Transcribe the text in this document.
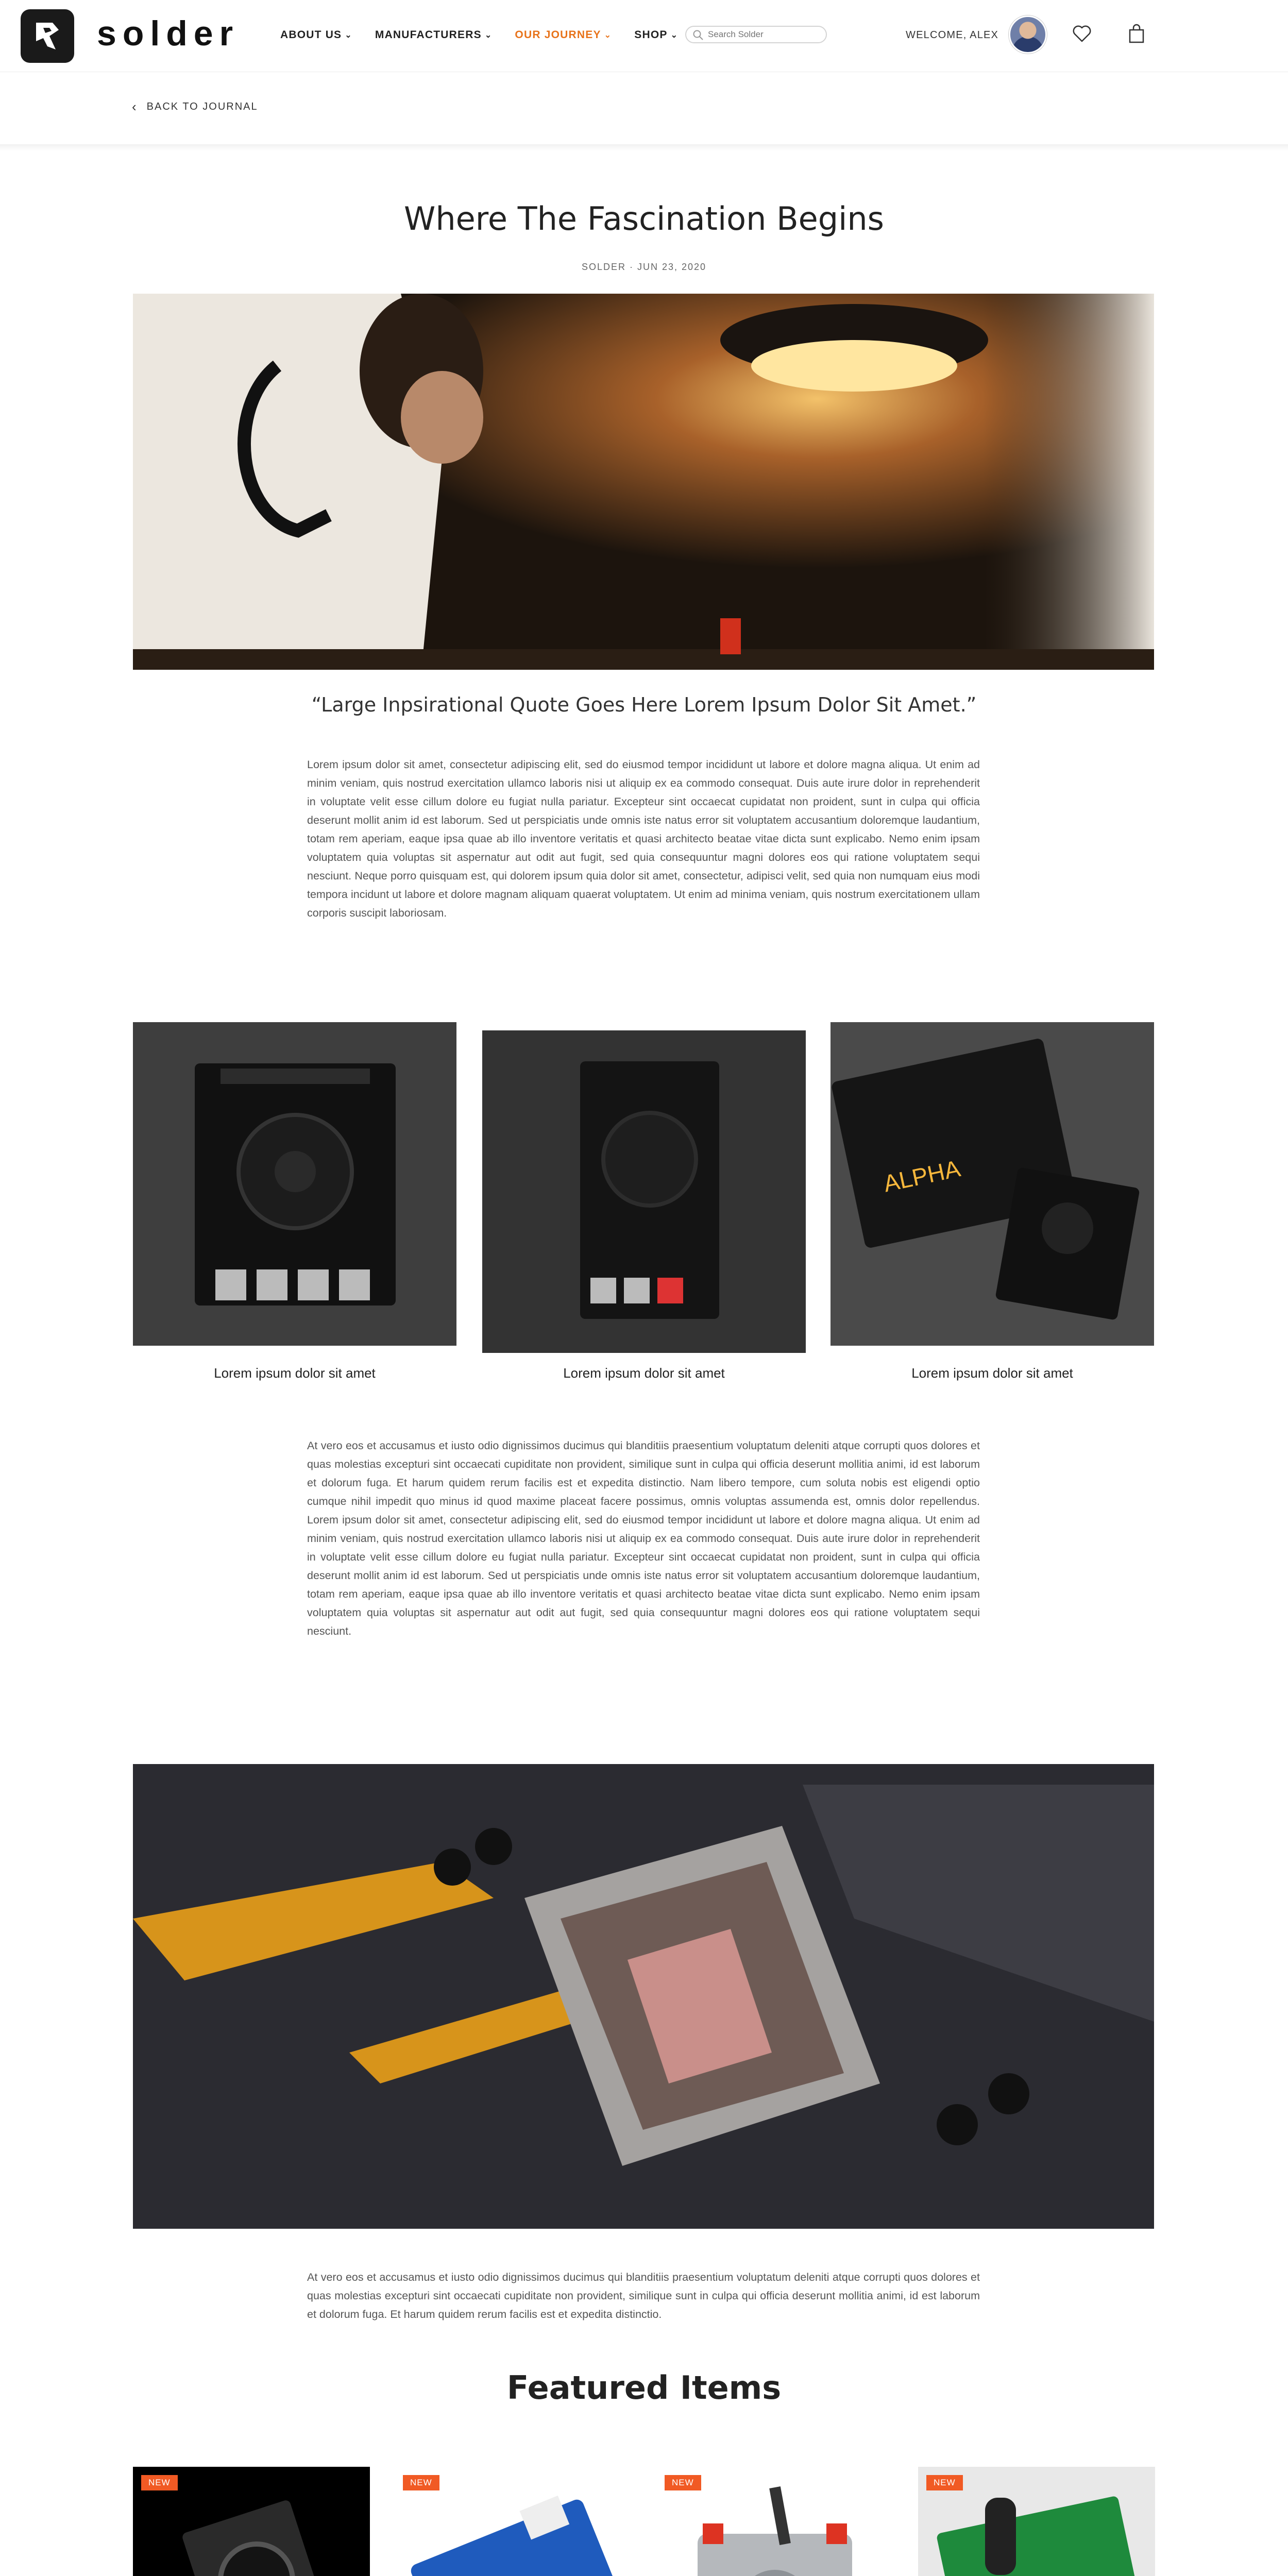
solder	ABOUT US ⌄ MANUFACTURERS ⌄ OUR JOURNEY ⌄ SHOP ⌄
Search Solder	WELCOME, ALEX
‹ BACK TO JOURNAL
Where The Fascination Begins
SOLDER · JUN 23, 2020
“Large Inpsirational Quote Goes Here Lorem Ipsum Dolor Sit Amet.”

Lorem ipsum dolor sit amet, consectetur adipiscing elit, sed do eiusmod tempor incididunt ut labore et dolore magna aliqua. Ut enim ad minim veniam, quis nostrud exercitation ullamco laboris nisi ut aliquip ex ea commodo consequat. Duis aute irure dolor in reprehenderit in voluptate velit esse cillum dolore eu fugiat nulla pariatur. Excepteur sint occaecat cupidatat non proident, sunt in culpa qui officia deserunt mollit anim id est laborum. Sed ut perspiciatis unde omnis iste natus error sit voluptatem accusantium doloremque laudantium, totam rem aperiam, eaque ipsa quae ab illo inventore veritatis et quasi architecto beatae vitae dicta sunt explicabo. Nemo enim ipsam voluptatem quia voluptas sit aspernatur aut odit aut fugit, sed quia consequuntur magni dolores eos qui ratione voluptatem sequi nesciunt. Neque porro quisquam est, qui dolorem ipsum quia dolor sit amet, consectetur, adipisci velit, sed quia non numquam eius modi tempora incidunt ut labore et dolore magnam aliquam quaerat voluptatem. Ut enim ad minima veniam, quis nostrum exercitationem ullam corporis suscipit laboriosam.

Lorem ipsum dolor sit amet	Lorem ipsum dolor sit amet
ALPHA
Lorem ipsum dolor sit amet

At vero eos et accusamus et iusto odio dignissimos ducimus qui blanditiis praesentium voluptatum deleniti atque corrupti quos dolores et quas molestias excepturi sint occaecati cupiditate non provident, similique sunt in culpa qui officia deserunt mollitia animi, id est laborum et dolorum fuga. Et harum quidem rerum facilis est et expedita distinctio. Nam libero tempore, cum soluta nobis est eligendi optio cumque nihil impedit quo minus id quod maxime placeat facere possimus, omnis voluptas assumenda est, omnis dolor repellendus. Lorem ipsum dolor sit amet, consectetur adipiscing elit, sed do eiusmod tempor incididunt ut labore et dolore magna aliqua. Ut enim ad minim veniam, quis nostrud exercitation ullamco laboris nisi ut aliquip ex ea commodo consequat. Duis aute irure dolor in reprehenderit in voluptate velit esse cillum dolore eu fugiat nulla pariatur. Excepteur sint occaecat cupidatat non proident, sunt in culpa qui officia deserunt mollit anim id est laborum. Sed ut perspiciatis unde omnis iste natus error sit voluptatem accusantium doloremque laudantium, totam rem aperiam, eaque ipsa quae ab illo inventore veritatis et quasi architecto beatae vitae dicta sunt explicabo. Nemo enim ipsam voluptatem quia voluptas sit aspernatur aut odit aut fugit, sed quia consequuntur magni dolores eos qui ratione voluptatem sequi nesciunt.

At vero eos et accusamus et iusto odio dignissimos ducimus qui blanditiis praesentium voluptatum deleniti atque corrupti quos dolores et quas molestias excepturi sint occaecati cupiditate non provident, similique sunt in culpa qui officia deserunt mollitia animi, id est laborum et dolorum fuga. Et harum quidem rerum facilis est et expedita distinctio.

Featured Items
NEW	NEW	NEW	NEW
